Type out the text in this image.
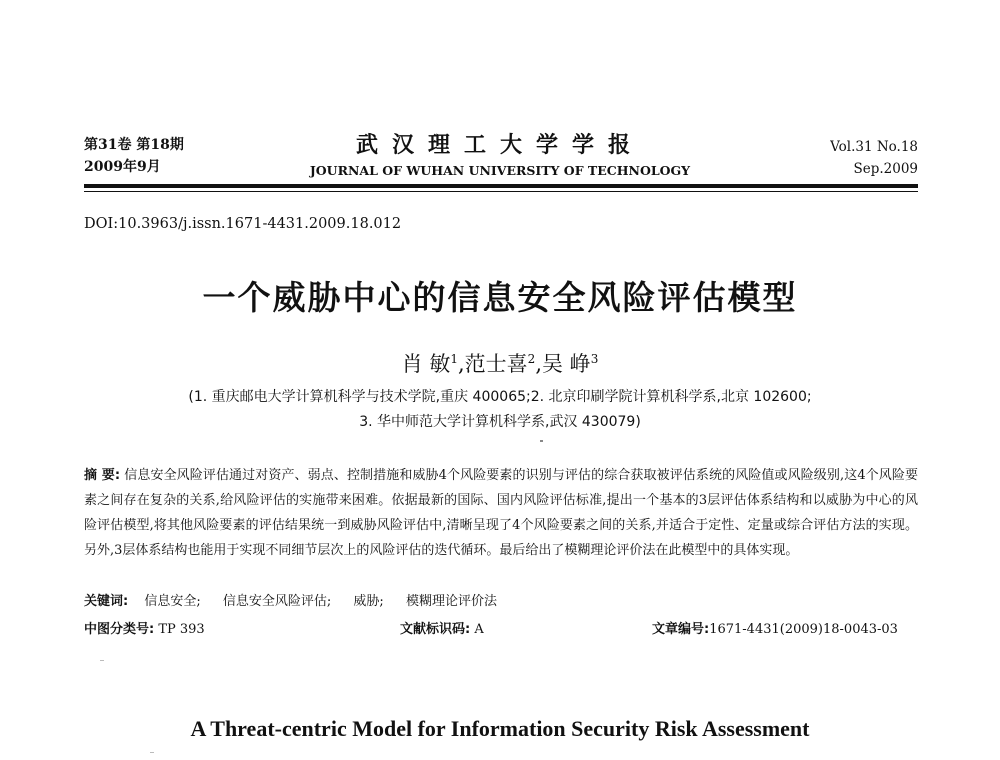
第31卷 第18期
2009年9月
武汉理工大学学报
JOURNAL OF WUHAN UNIVERSITY OF TECHNOLOGY
Vol.31 No.18
Sep.2009
DOI:10.3963/j.issn.1671-4431.2009.18.012
一个威胁中心的信息安全风险评估模型
肖 敏$^1$,范士喜$^2$,吴 峥$^3$
(1. 重庆邮电大学计算机科学与技术学院,重庆 400065;2. 北京印刷学院计算机科学系,北京 102600;
3. 华中师范大学计算机科学系,武汉 430079)
摘 要: 信息安全风险评估通过对资产、弱点、控制措施和威胁4个风险要素的识别与评估的综合获取被评估系统的风险值或风险级别,这4个风险要素之间存在复杂的关系,给风险评估的实施带来困难。依据最新的国际、国内风险评估标准,提出一个基本的3层评估体系结构和以威胁为中心的风险评估模型,将其他风险要素的评估结果统一到威胁风险评估中,清晰呈现了4个风险要素之间的关系,并适合于定性、定量或综合评估方法的实现。另外,3层体系结构也能用于实现不同细节层次上的风险评估的迭代循环。最后给出了模糊理论评价法在此模型中的具体实现。
关键词: 信息安全; 信息安全风险评估; 威胁; 模糊理论评价法
中图分类号: TP 393	文献标识码: A	文章编号:1671-4431(2009)18-0043-03
A Threat-centric Model for Information Security Risk Assessment
